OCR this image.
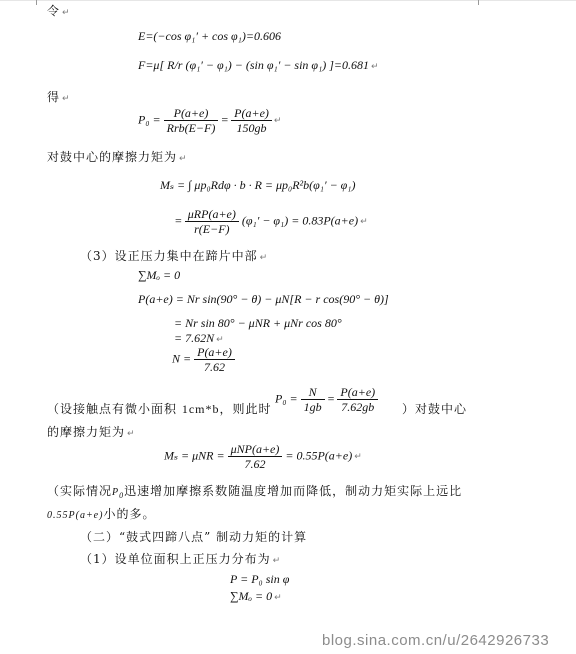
令 ↵
E=(−cos φ₁′ + cos φ₁)=0.606
F=μ[ R/r (φ₁′ − φ₁) − (sin φ₁′ − sin φ₁) ]=0.681 ↵
得 ↵
$P_0 = \frac{P(a+e)}{\text{Rrb(E−F)}} = \frac{P(a+e)}{150gb}$ ↵
对鼓中心的摩擦力矩为 ↵
Mₛ = ∫ μp₀Rdφ · b · R = μp₀R²b(φ₁′ − φ₁)
= $\frac{\text{μRP(a+e)}}{r(E-F)} (\varphi_1' - \varphi_1) = 0.83P(a+e)$ ↵
（3）设正压力集中在蹄片中部 ↵
∑Mₒ = 0
P(a+e) = Nr sin(90° − θ) − μN[R − r cos(90° − θ)]
= Nr sin 80° − μNR + μNr cos 80°
= 7.62N ↵
$N = \frac{P(a+e)}{7.62}$
（设接触点有微小面积 1cm*b，则此时
$P_0 = \frac{N}{1gb} = \frac{P(a+e)}{7.62gb}$ ）对鼓中心
的摩擦力矩为 ↵
$M_s = \mu NR = \frac{\text{μNP(a+e)}}{7.62} = 0.55P(a+e)$ ↵
（实际情况$P_0$迅速增加摩擦系数随温度增加而降低，制动力矩实际上远比
0.55P(a+e)小的多。
（二）“鼓式四蹄八点” 制动力矩的计算
（1）设单位面积上正压力分布为 ↵
P = P₀ sin φ
∑Mₒ = 0 ↵
blog.sina.com.cn/u/2642926733
